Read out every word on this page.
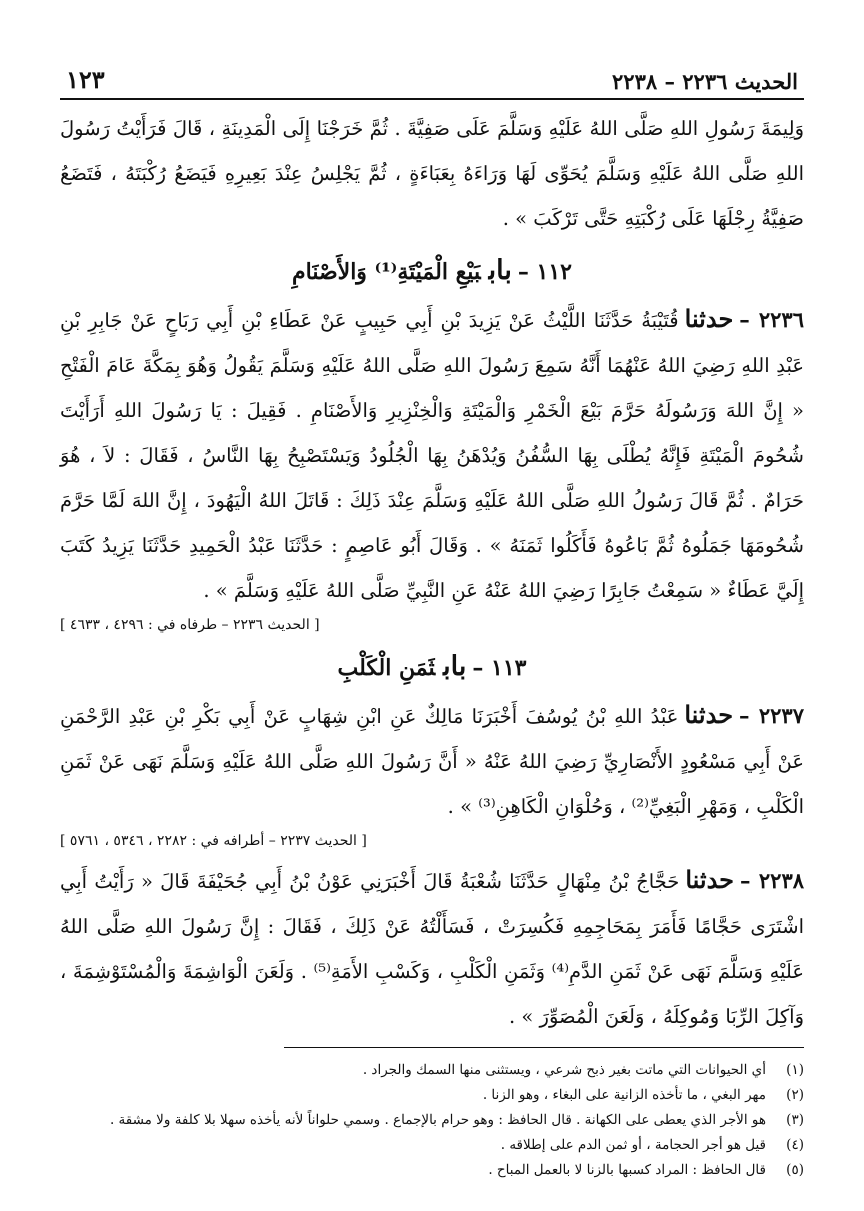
الحديث ٢٢٣٦ – ٢٢٣٨
١٢٣

وَلِيمَةَ رَسُولِ اللهِ صَلَّى اللهُ عَلَيْهِ وَسَلَّمَ عَلَى صَفِيَّةَ . ثُمَّ خَرَجْنَا إِلَى الْمَدِينَةِ ، قَالَ فَرَأَيْتُ رَسُولَ اللهِ صَلَّى اللهُ عَلَيْهِ وَسَلَّمَ يُحَوِّى لَهَا وَرَاءَهُ بِعَبَاءَةٍ ، ثُمَّ يَجْلِسُ عِنْدَ بَعِيرِهِ فَيَضَعُ رُكْبَتَهُ ، فَتَضَعُ صَفِيَّةُ رِجْلَهَا عَلَى رُكْبَتِهِ حَتَّى تَرْكَبَ » .

١١٢ –باببَيْعِ الْمَيْتَةِ⁽¹⁾ وَالأَصْنَامِ

٢٢٣٦ –حدثناقُتَيْبَةُ حَدَّثَنَا اللَّيْثُ عَنْ يَزِيدَ بْنِ أَبِي حَبِيبٍ عَنْ عَطَاءِ بْنِ أَبِي رَبَاحٍ عَنْ جَابِرِ بْنِ عَبْدِ اللهِ رَضِيَ اللهُ عَنْهُمَا أَنَّهُ سَمِعَ رَسُولَ اللهِ صَلَّى اللهُ عَلَيْهِ وَسَلَّمَ يَقُولُ وَهُوَ بِمَكَّةَ عَامَ الْفَتْحِ « إِنَّ اللهَ وَرَسُولَهُ حَرَّمَ بَيْعَ الْخَمْرِ وَالْمَيْتَةِ وَالْخِنْزِيرِ وَالأَصْنَامِ . فَقِيلَ : يَا رَسُولَ اللهِ أَرَأَيْتَ شُحُومَ الْمَيْتَةِ فَإِنَّهُ يُطْلَى بِهَا السُّفُنُ وَيُدْهَنُ بِهَا الْجُلُودُ وَيَسْتَصْبِحُ بِهَا النَّاسُ ، فَقَالَ : لاَ ، هُوَ حَرَامٌ . ثُمَّ قَالَ رَسُولُ اللهِ صَلَّى اللهُ عَلَيْهِ وَسَلَّمَ عِنْدَ ذَلِكَ : قَاتَلَ اللهُ الْيَهُودَ ، إِنَّ اللهَ لَمَّا حَرَّمَ شُحُومَهَا جَمَلُوهُ ثُمَّ بَاعُوهُ فَأَكَلُوا ثَمَنَهُ » . وَقَالَ أَبُو عَاصِمٍ : حَدَّثَنَا عَبْدُ الْحَمِيدِ حَدَّثَنَا يَزِيدُ كَتَبَ إِلَيَّ عَطَاءٌ « سَمِعْتُ جَابِرًا رَضِيَ اللهُ عَنْهُ عَنِ النَّبِيِّ صَلَّى اللهُ عَلَيْهِ وَسَلَّمَ » .

[ الحديث ٢٢٣٦ – طرفاه في : ٤٢٩٦ ، ٤٦٣٣ ]

١١٣ –بابثَمَنِ الْكَلْبِ

٢٢٣٧ –حدثناعَبْدُ اللهِ بْنُ يُوسُفَ أَخْبَرَنَا مَالِكٌ عَنِ ابْنِ شِهَابٍ عَنْ أَبِي بَكْرِ بْنِ عَبْدِ الرَّحْمَنِ عَنْ أَبِي مَسْعُودٍ الأَنْصَارِيِّ رَضِيَ اللهُ عَنْهُ « أَنَّ رَسُولَ اللهِ صَلَّى اللهُ عَلَيْهِ وَسَلَّمَ نَهَى عَنْ ثَمَنِ الْكَلْبِ ، وَمَهْرِ الْبَغِيِّ⁽²⁾ ، وَحُلْوَانِ الْكَاهِنِ⁽³⁾ » .

[ الحديث ٢٢٣٧ – أطرافه في : ٢٢٨٢ ، ٥٣٤٦ ، ٥٧٦١ ]

٢٢٣٨ –حدثناحَجَّاجُ بْنُ مِنْهَالٍ حَدَّثَنَا شُعْبَةُ قَالَ أَخْبَرَنِي عَوْنُ بْنُ أَبِي جُحَيْفَةَ قَالَ « رَأَيْتُ أَبِي اشْتَرَى حَجَّامًا فَأَمَرَ بِمَحَاجِمِهِ فَكُسِرَتْ ، فَسَأَلْتُهُ عَنْ ذَلِكَ ، فَقَالَ : إِنَّ رَسُولَ اللهِ صَلَّى اللهُ عَلَيْهِ وَسَلَّمَ نَهَى عَنْ ثَمَنِ الدَّمِ⁽⁴⁾ وَثَمَنِ الْكَلْبِ ، وَكَسْبِ الأَمَةِ⁽⁵⁾ . وَلَعَنَ الْوَاشِمَةَ وَالْمُسْتَوْشِمَةَ ، وَآكِلَ الرِّبَا وَمُوكِلَهُ ، وَلَعَنَ الْمُصَوِّرَ » .

(١)
أي الحيوانات التي ماتت بغير ذبح شرعي ، ويستثنى منها السمك والجراد .
(٢)
مهر البغي ، ما تأخذه الزانية على البغاء ، وهو الزنا .
(٣)
هو الأجر الذي يعطى على الكهانة . قال الحافظ : وهو حرام بالإجماع . وسمي حلواناً لأنه يأخذه سهلا بلا كلفة ولا مشقة .
(٤)
قيل هو أجر الحجامة ، أو ثمن الدم على إطلاقه .
(٥)
قال الحافظ : المراد كسبها بالزنا لا بالعمل المباح .
